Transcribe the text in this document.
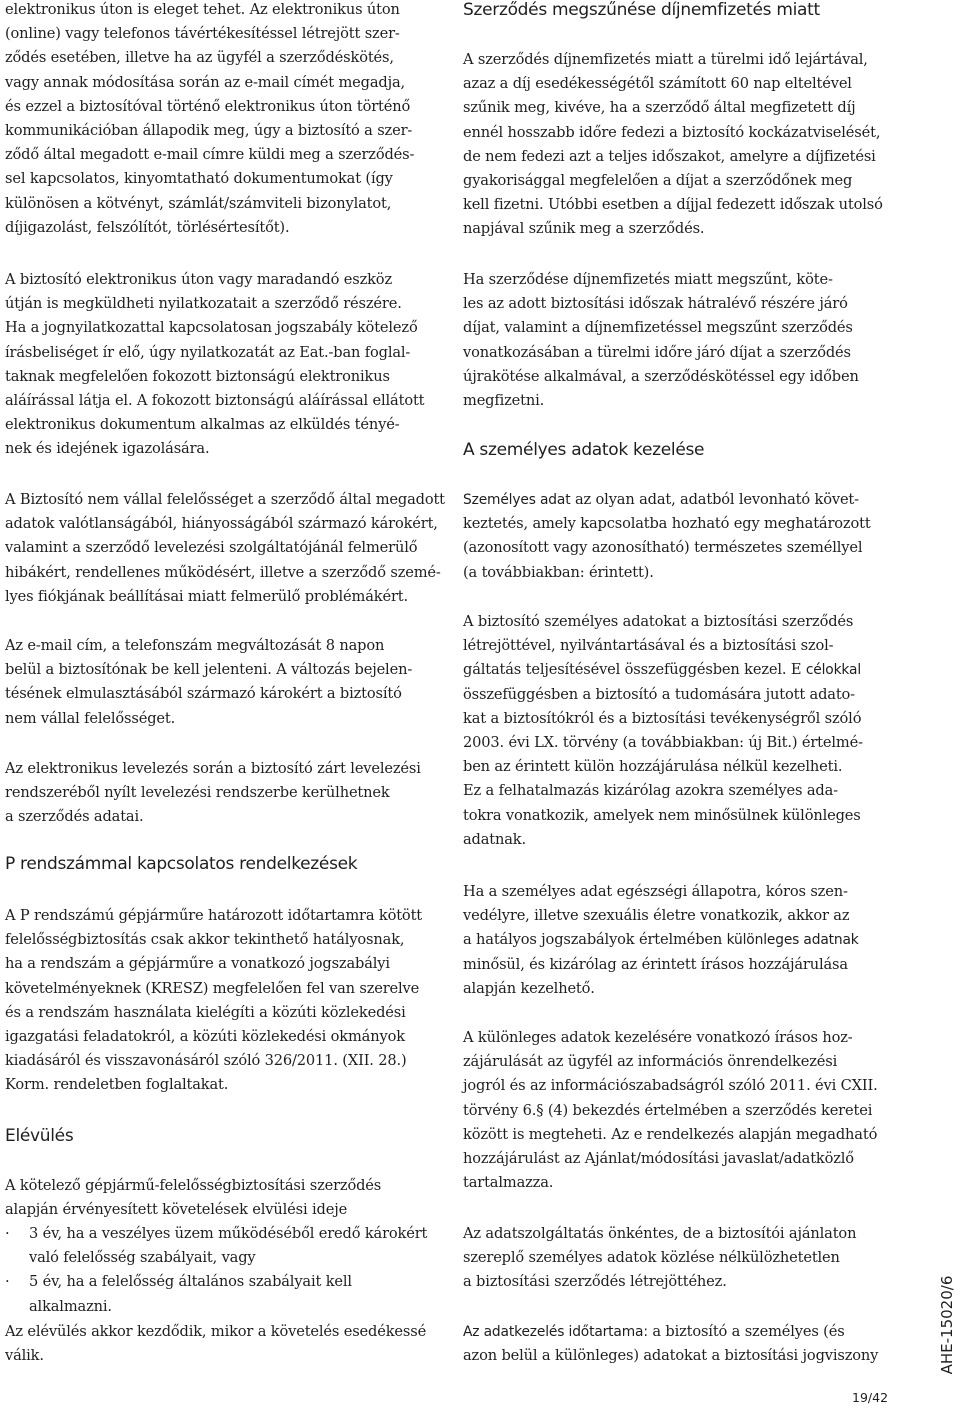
elektronikus úton is eleget tehet. Az elektronikus úton
(online) vagy telefonos távértékesítéssel létrejött szer-
ződés esetében, illetve ha az ügyfél a szerződéskötés,
vagy annak módosítása során az e-mail címét megadja,
és ezzel a biztosítóval történő elektronikus úton történő
kommunikációban állapodik meg, úgy a biztosító a szer-
ződő által megadott e-mail címre küldi meg a szerződés-
sel kapcsolatos, kinyomtatható dokumentumokat (így
különösen a kötvényt, számlát/számviteli bizonylatot,
díjigazolást, felszólítót, törlésértesítőt).

A biztosító elektronikus úton vagy maradandó eszköz
útján is megküldheti nyilatkozatait a szerződő részére.
Ha a jognyilatkozattal kapcsolatosan jogszabály kötelező
írásbeliséget ír elő, úgy nyilatkozatát az Eat.-ban foglal-
taknak megfelelően fokozott biztonságú elektronikus
aláírással látja el. A fokozott biztonságú aláírással ellátott
elektronikus dokumentum alkalmas az elküldés tényé-
nek és idejének igazolására.

A Biztosító nem vállal felelősséget a szerződő által megadott
adatok valótlanságából, hiányosságából származó károkért,
valamint a szerződő levelezési szolgáltatójánál felmerülő
hibákért, rendellenes működésért, illetve a szerződő szemé-
lyes fiókjának beállításai miatt felmerülő problémákért.

Az e-mail cím, a telefonszám megváltozását 8 napon
belül a biztosítónak be kell jelenteni. A változás bejelen-
tésének elmulasztásából származó károkért a biztosító
nem vállal felelősséget.

Az elektronikus levelezés során a biztosító zárt levelezési
rendszeréből nyílt levelezési rendszerbe kerülhetnek
a szerződés adatai.

P rendszámmal kapcsolatos rendelkezések

A P rendszámú gépjárműre határozott időtartamra kötött
felelősségbiztosítás csak akkor tekinthető hatályosnak,
ha a rendszám a gépjárműre a vonatkozó jogszabályi
követelményeknek (KRESZ) megfelelően fel van szerelve
és a rendszám használata kielégíti a közúti közlekedési
igazgatási feladatokról, a közúti közlekedési okmányok
kiadásáról és visszavonásáról szóló 326/2011. (XII. 28.)
Korm. rendeletben foglaltakat.

Elévülés

A kötelező gépjármű-felelősségbiztosítási szerződés
alapján érvényesített követelések elvülési ideje

· 3 év, ha a veszélyes üzem működéséből eredő károkért
való felelősség szabályait, vagy
· 5 év, ha a felelősség általános szabályait kell alkalmazni.

Az elévülés akkor kezdődik, mikor a követelés esedékessé
válik.

Szerződés megszűnése díjnemfizetés miatt

A szerződés díjnemfizetés miatt a türelmi idő lejártával,
azaz a díj esedékességétől számított 60 nap elteltével
szűnik meg, kivéve, ha a szerződő által megfizetett díj
ennél hosszabb időre fedezi a biztosító kockázatviselését,
de nem fedezi azt a teljes időszakot, amelyre a díjfizetési
gyakorisággal megfelelően a díjat a szerződőnek meg
kell fizetni. Utóbbi esetben a díjjal fedezett időszak utolsó
napjával szűnik meg a szerződés.

Ha szerződése díjnemfizetés miatt megszűnt, köte-
les az adott biztosítási időszak hátralévő részére járó
díjat, valamint a díjnemfizetéssel megszűnt szerződés
vonatkozásában a türelmi időre járó díjat a szerződés
újrakötése alkalmával, a szerződéskötéssel egy időben
megfizetni.

A személyes adatok kezelése

Személyes adat az olyan adat, adatból levonható követ-
keztetés, amely kapcsolatba hozható egy meghatározott
(azonosított vagy azonosítható) természetes személlyel
(a továbbiakban: érintett).

A biztosító személyes adatokat a biztosítási szerződés
létrejöttével, nyilvántartásával és a biztosítási szol-
gáltatás teljesítésével összefüggésben kezel. E célokkal
összefüggésben a biztosító a tudomására jutott adato-
kat a biztosítókról és a biztosítási tevékenységről szóló
2003. évi LX. törvény (a továbbiakban: új Bit.) értelmé-
ben az érintett külön hozzájárulása nélkül kezelheti.
Ez a felhatalmazás kizárólag azokra személyes ada-
tokra vonatkozik, amelyek nem minősülnek különleges
adatnak.

Ha a személyes adat egészségi állapotra, kóros szen-
vedélyre, illetve szexuális életre vonatkozik, akkor az
a hatályos jogszabályok értelmében különleges adatnak
minősül, és kizárólag az érintett írásos hozzájárulása
alapján kezelhető.

A különleges adatok kezelésére vonatkozó írásos hoz-
zájárulását az ügyfél az információs önrendelkezési
jogról és az információszabadságról szóló 2011. évi CXII.
törvény 6.§ (4) bekezdés értelmében a szerződés keretei
között is megteheti. Az e rendelkezés alapján megadható
hozzájárulást az Ajánlat/módosítási javaslat/adatközlő
tartalmazza.

Az adatszolgáltatás önkéntes, de a biztosítói ajánlaton
szereplő személyes adatok közlése nélkülözhetetlen
a biztosítási szerződés létrejöttéhez.

Az adatkezelés időtartama: a biztosító a személyes (és
azon belül a különleges) adatokat a biztosítási jogviszony	AHE-15020/6
19/42
